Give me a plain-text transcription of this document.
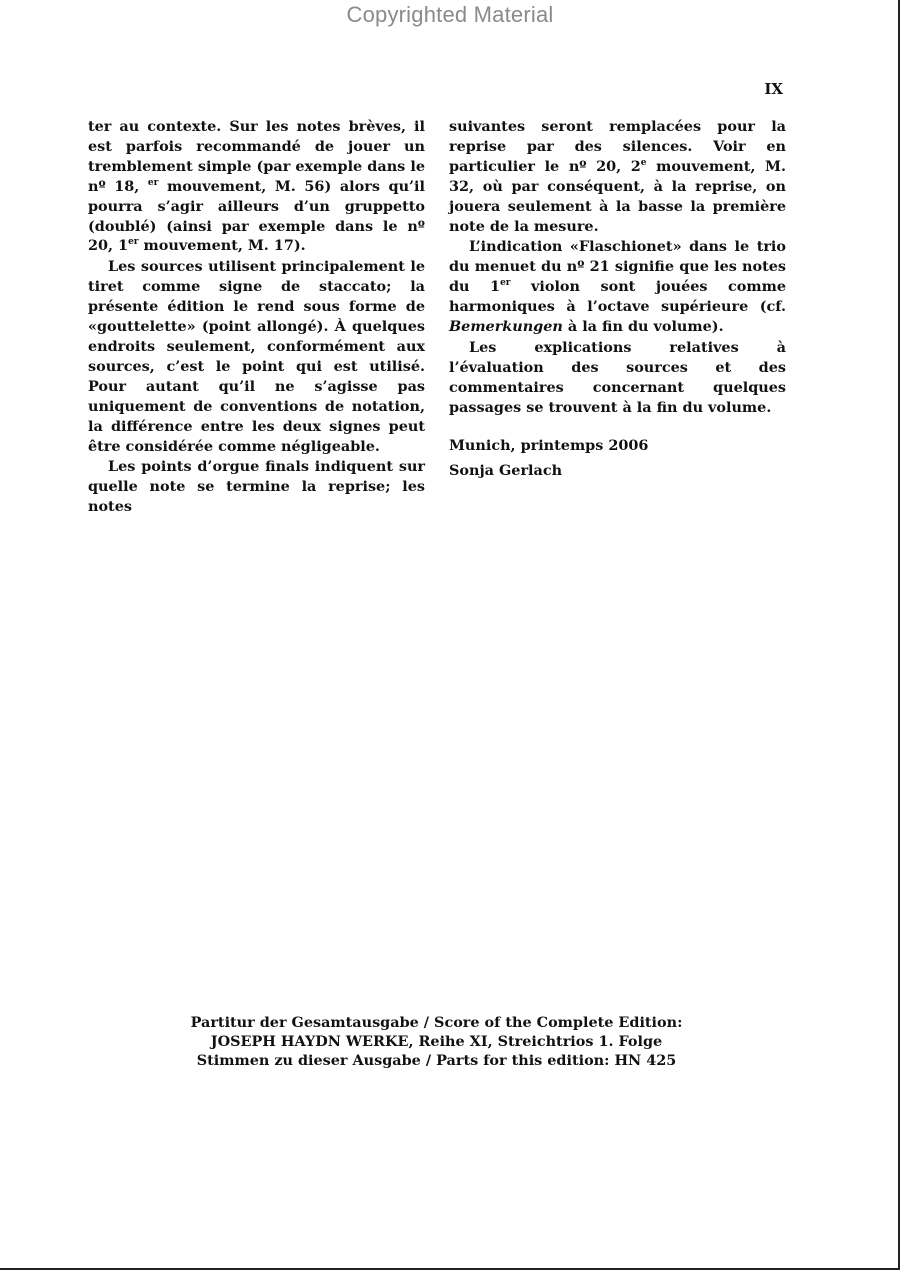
Copyrighted Material
IX

ter au contexte. Sur les notes brèves, il est parfois recommandé de jouer un tremblement simple (par exemple dans le nº 18, $^{er}$ mouvement, M. 56) alors qu’il pourra s’agir ailleurs d’un gruppetto (doublé) (ainsi par exemple dans le nº 20, 1er mouvement, M. 17).

Les sources utilisent principalement le tiret comme signe de staccato; la présente édition le rend sous forme de «gouttelette» (point allongé). À quelques endroits seulement, conformément aux sources, c’est le point qui est utilisé. Pour autant qu’il ne s’agisse pas uniquement de conventions de notation, la différence entre les deux signes peut être considérée comme négligeable.

Les points d’orgue finals indiquent sur quelle note se termine la reprise; les notes

suivantes seront remplacées pour la reprise par des silences. Voir en particulier le nº 20, 2e mouvement, M. 32, où par conséquent, à la reprise, on jouera seulement à la basse la première note de la mesure.

L’indication «Flaschionet» dans le trio du menuet du nº 21 signifie que les notes du 1er violon sont jouées comme harmoniques à l’octave supérieure (cf. Bemerkungen à la fin du volume).

Les explications relatives à l’évaluation des sources et des commentaires concernant quelques passages se trouvent à la fin du volume.

Munich, printemps 2006
Sonja Gerlach
Partitur der Gesamtausgabe / Score of the Complete Edition:
JOSEPH HAYDN WERKE, Reihe XI, Streichtrios 1. Folge
Stimmen zu dieser Ausgabe / Parts for this edition: HN 425
